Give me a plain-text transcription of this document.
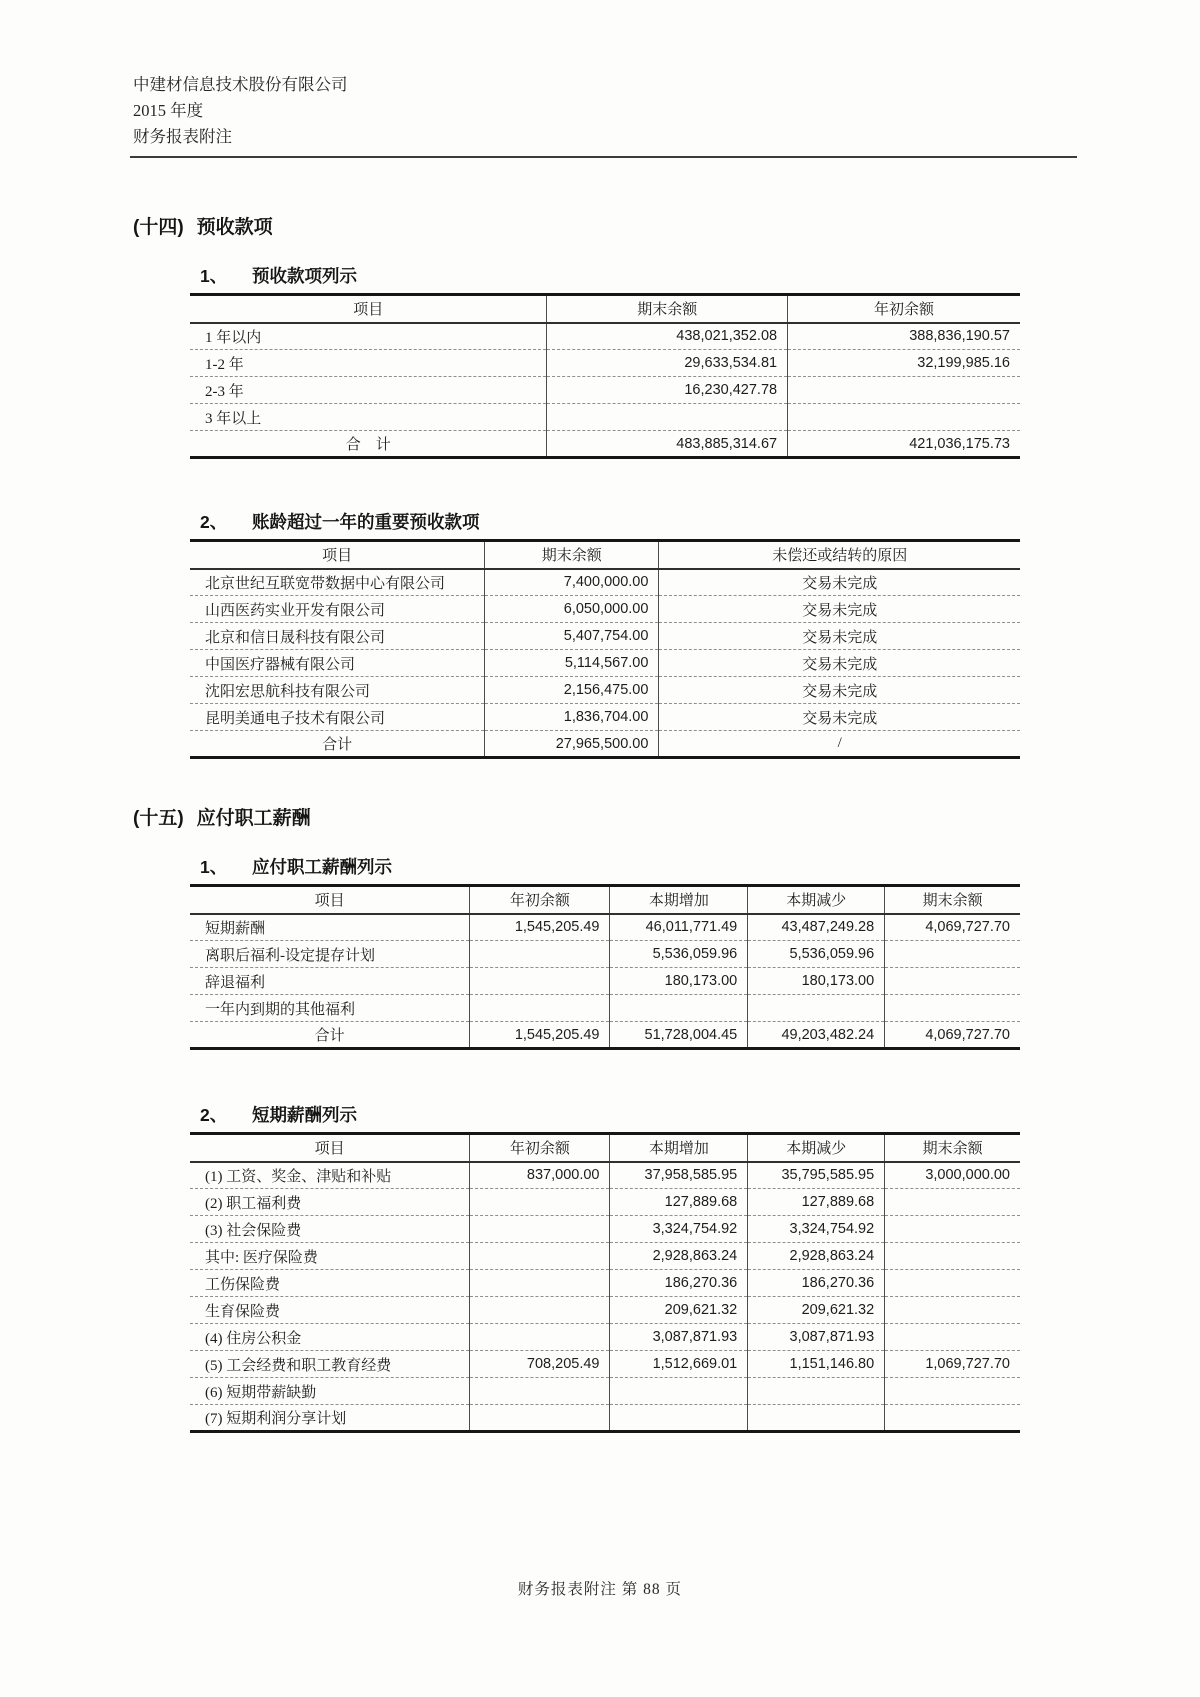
中建材信息技术股份有限公司
2015 年度
财务报表附注
(十四) 预收款项
1、	预收款项列示
项目	期末余额	年初余额
1 年以内	438,021,352.08	388,836,190.57
1-2 年	29,633,534.81	32,199,985.16
2-3 年	16,230,427.78	
3 年以上		
合　计	483,885,314.67	421,036,175.73
2、	账龄超过一年的重要预收款项
项目	期末余额	未偿还或结转的原因
北京世纪互联宽带数据中心有限公司	7,400,000.00	交易未完成
山西医药实业开发有限公司	6,050,000.00	交易未完成
北京和信日晟科技有限公司	5,407,754.00	交易未完成
中国医疗器械有限公司	5,114,567.00	交易未完成
沈阳宏思航科技有限公司	2,156,475.00	交易未完成
昆明美通电子技术有限公司	1,836,704.00	交易未完成
合计	27,965,500.00	/
(十五) 应付职工薪酬
1、	应付职工薪酬列示
项目	年初余额	本期增加	本期减少	期末余额
短期薪酬	1,545,205.49	46,011,771.49	43,487,249.28	4,069,727.70
离职后福利-设定提存计划		5,536,059.96	5,536,059.96	
辞退福利		180,173.00	180,173.00	
一年内到期的其他福利				
合计	1,545,205.49	51,728,004.45	49,203,482.24	4,069,727.70
2、	短期薪酬列示
项目	年初余额	本期增加	本期减少	期末余额
(1) 工资、奖金、津贴和补贴	837,000.00	37,958,585.95	35,795,585.95	3,000,000.00
(2) 职工福利费		127,889.68	127,889.68	
(3) 社会保险费		3,324,754.92	3,324,754.92	
其中: 医疗保险费		2,928,863.24	2,928,863.24	
工伤保险费		186,270.36	186,270.36	
生育保险费		209,621.32	209,621.32	
(4) 住房公积金		3,087,871.93	3,087,871.93	
(5) 工会经费和职工教育经费	708,205.49	1,512,669.01	1,151,146.80	1,069,727.70
(6) 短期带薪缺勤				
(7) 短期利润分享计划				
财务报表附注 第 88 页
